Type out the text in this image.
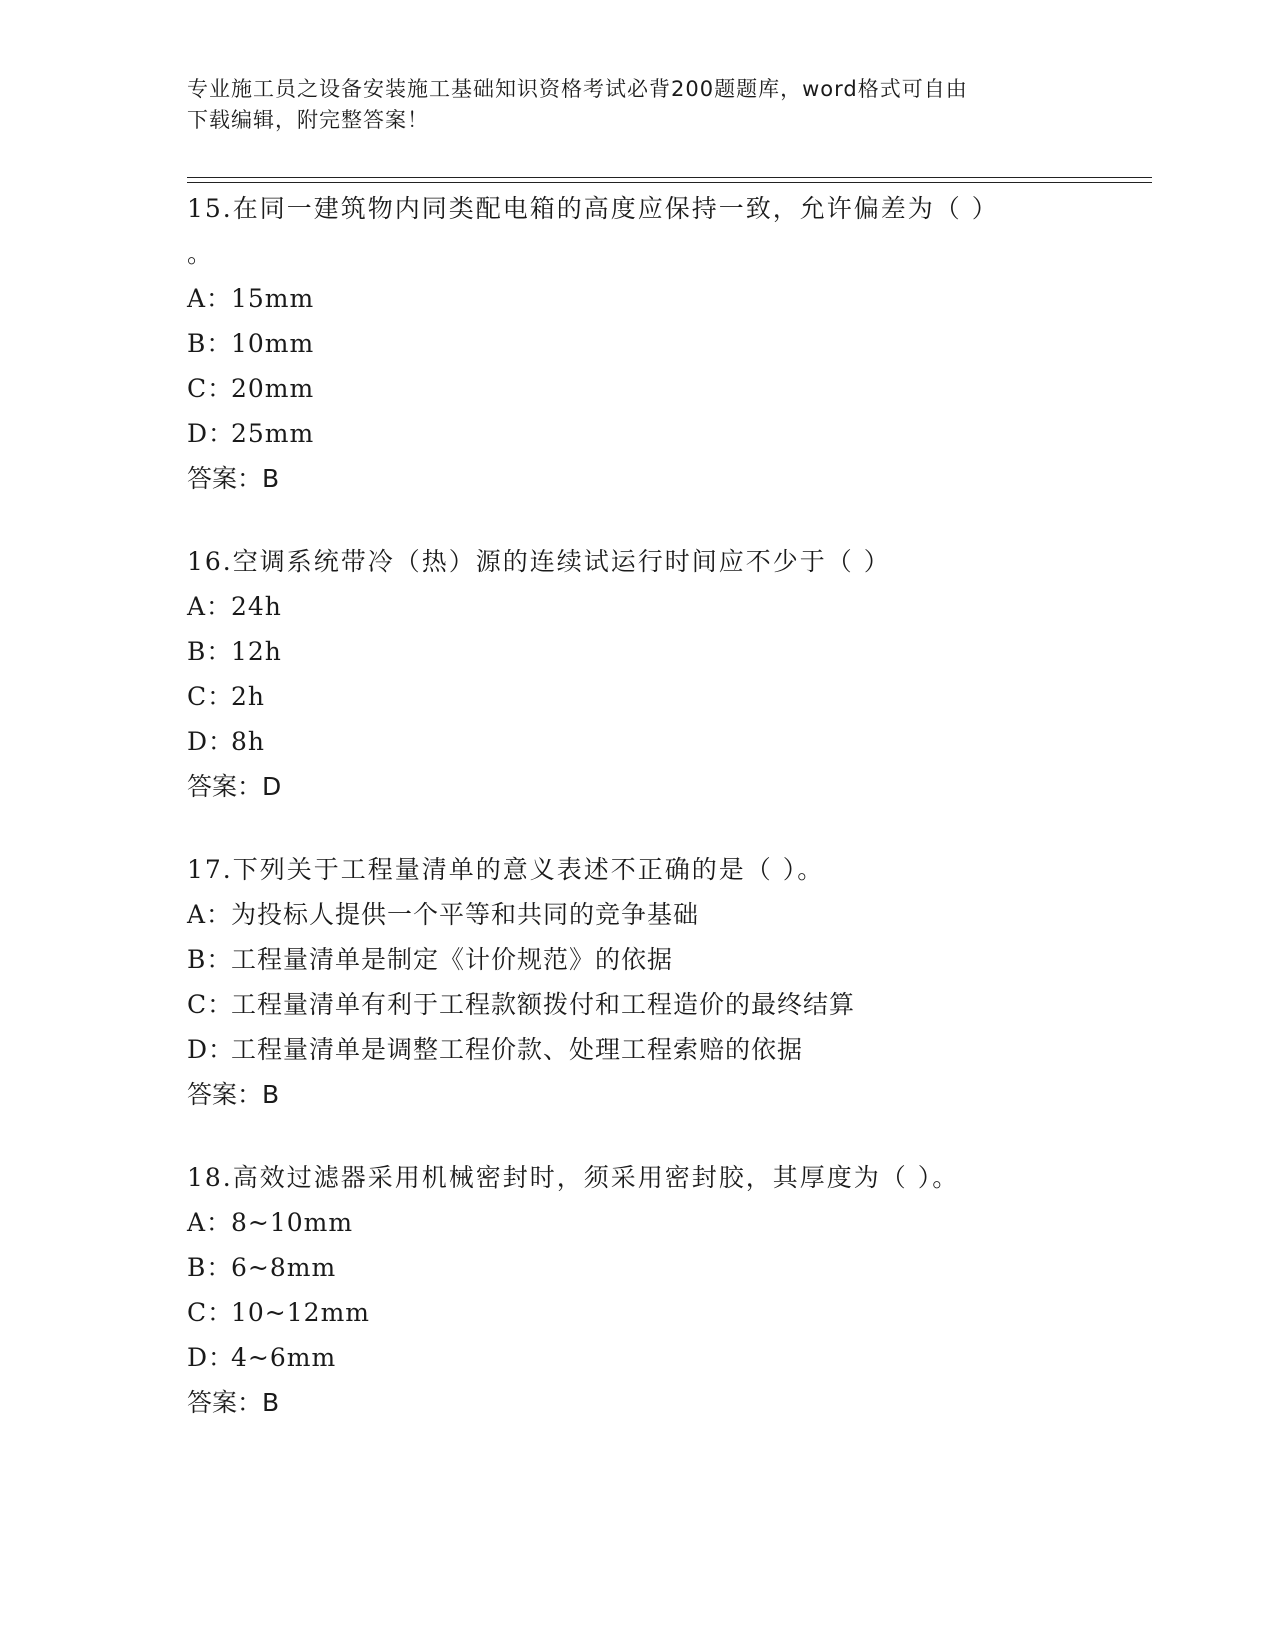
专业施工员之设备安装施工基础知识资格考试必背200题题库，word格式可自由
下载编辑，附完整答案！
15.在同一建筑物内同类配电箱的高度应保持一致，允许偏差为（ ）
。
A：15mm
B：10mm
C：20mm
D：25mm
答案：B
16.空调系统带冷（热）源的连续试运行时间应不少于（ ）
A：24h
B：12h
C：2h
D：8h
答案：D
17.下列关于工程量清单的意义表述不正确的是（ ）。
A：为投标人提供一个平等和共同的竞争基础
B：工程量清单是制定《计价规范》的依据
C：工程量清单有利于工程款额拨付和工程造价的最终结算
D：工程量清单是调整工程价款、处理工程索赔的依据
答案：B
18.高效过滤器采用机械密封时，须采用密封胶，其厚度为（ ）。
A：8~10mm
B：6~8mm
C：10~12mm
D：4~6mm
答案：B
